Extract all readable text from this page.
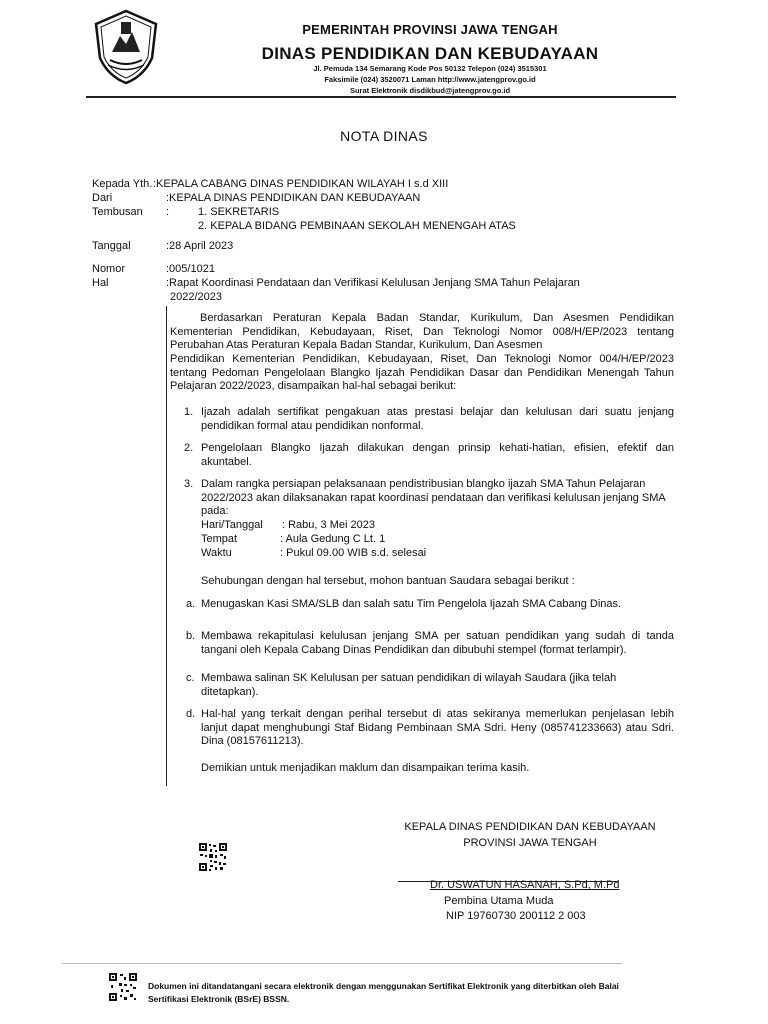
PEMERINTAH PROVINSI JAWA TENGAH
DINAS PENDIDIKAN DAN KEBUDAYAAN
Jl. Pemuda 134 Semarang Kode Pos 50132 Telepon (024) 3515301
Faksimile (024) 3520071 Laman http://www.jatengprov.go.id
Surat Elektronik disdikbud@jatengprov.go.id
NOTA DINAS
Kepada Yth. :KEPALA CABANG DINAS PENDIDIKAN WILAYAH I s.d XIII
Dari	:KEPALA DINAS PENDIDIKAN DAN KEBUDAYAAN
Tembusan :	1. SEKRETARIS
2. KEPALA BIDANG PEMBINAAN SEKOLAH MENENGAH ATAS
Tanggal	:28 April 2023
Nomor	:005/1021
Hal	:Rapat Koordinasi Pendataan dan Verifikasi Kelulusan Jenjang SMA Tahun Pelajaran
2022/2023
Berdasarkan Peraturan Kepala Badan Standar, Kurikulum, Dan Asesmen Pendidikan Kementerian Pendidikan, Kebudayaan, Riset, Dan Teknologi Nomor 008/H/EP/2023 tentang Perubahan Atas Peraturan Kepala Badan Standar, Kurikulum, Dan Asesmen
Pendidikan Kementerian Pendidikan, Kebudayaan, Riset, Dan Teknologi Nomor 004/H/EP/2023 tentang Pedoman Pengelolaan Blangko Ijazah Pendidikan Dasar dan Pendidikan Menengah Tahun Pelajaran 2022/2023, disampaikan hal-hal sebagai berikut:
1. Ijazah adalah sertifikat pengakuan atas prestasi belajar dan kelulusan dari suatu jenjang pendidikan formal atau pendidikan nonformal.
2. Pengelolaan Blangko Ijazah dilakukan dengan prinsip kehati-hatian, efisien, efektif dan akuntabel.
3. Dalam rangka persiapan pelaksanaan pendistribusian blangko ijazah SMA Tahun Pelajaran 2022/2023 akan dilaksanakan rapat koordinasi pendataan dan verifikasi kelulusan jenjang SMA pada:
Hari/Tanggal : Rabu, 3 Mei 2023
Tempat	: Aula Gedung C Lt. 1
Waktu	: Pukul 09.00 WIB s.d. selesai
Sehubungan dengan hal tersebut, mohon bantuan Saudara sebagai berikut :
a. Menugaskan Kasi SMA/SLB dan salah satu Tim Pengelola Ijazah SMA Cabang Dinas.
b. Membawa rekapitulasi kelulusan jenjang SMA per satuan pendidikan yang sudah di tanda tangani oleh Kepala Cabang Dinas Pendidikan dan dibubuhi stempel (format terlampir).
c. Membawa salinan SK Kelulusan per satuan pendidikan di wilayah Saudara (jika telah ditetapkan).
d. Hal-hal yang terkait dengan perihal tersebut di atas sekiranya memerlukan penjelasan lebih lanjut dapat menghubungi Staf Bidang Pembinaan SMA Sdri. Heny (085741233663) atau Sdri. Dina (08157611213).
Demikian untuk menjadikan maklum dan disampaikan terima kasih.
KEPALA DINAS PENDIDIKAN DAN KEBUDAYAAN
PROVINSI JAWA TENGAH
Dr. USWATUN HASANAH, S.Pd, M.Pd
Pembina Utama Muda
NIP 19760730 200112 2 003
Dokumen ini ditandatangani secara elektronik dengan menggunakan Sertifikat Elektronik yang diterbitkan oleh Balai Sertifikasi Elektronik (BSrE) BSSN.
